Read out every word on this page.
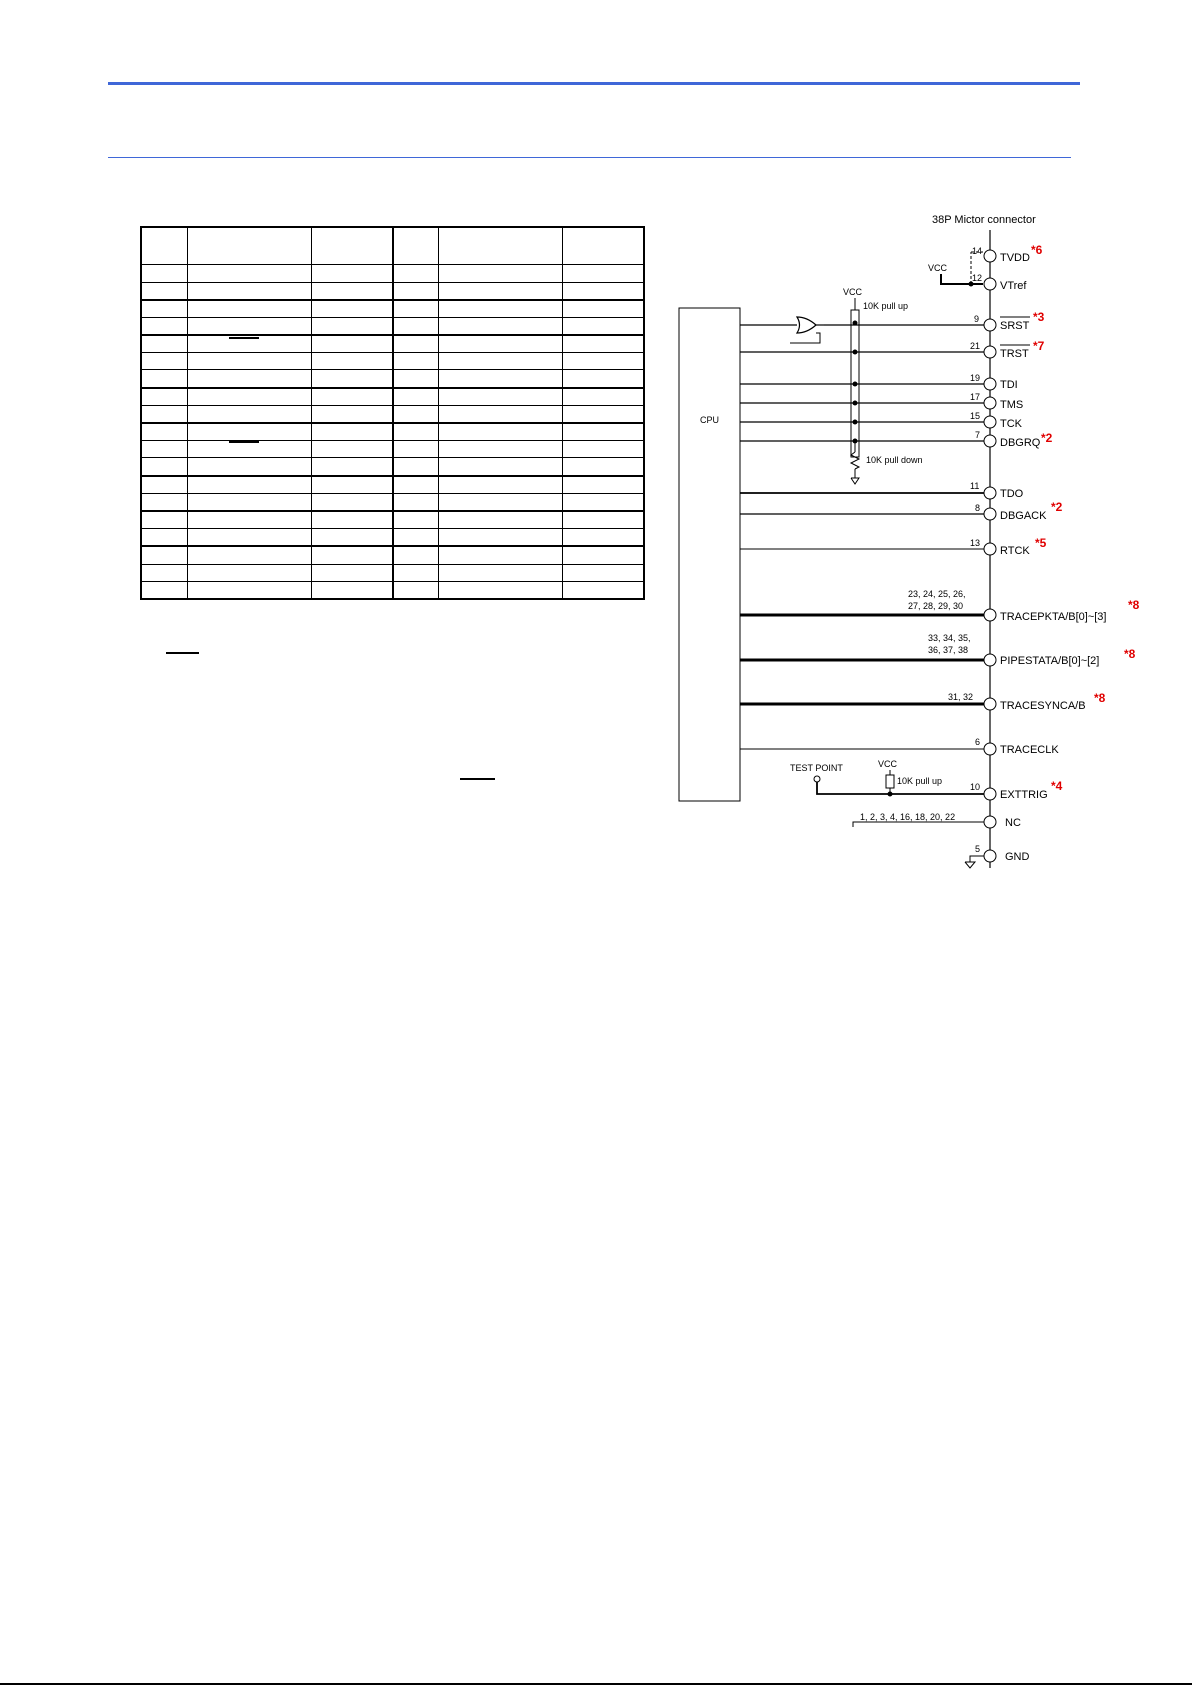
38P Mictor connector
CPU
VCC
VCC
10K pull up
10K pull down
14
TVDD
*6
12
VTref
9
SRST
*3
21
TRST
*7
19
TDI
17
TMS
15
TCK
7
DBGRQ *2
11
TDO
8
DBGACK
*2
13
RTCK
*5
23, 24, 25, 26,
27, 28, 29, 30
TRACEPKTA/B[0]~[3]
*8
33, 34, 35,
36, 37, 38
PIPESTATA/B[0]~[2] *8
31, 32
TRACESYNCA/B
*8
6
TRACECLK
TEST POINT	VCC
10K pull up
10
EXTTRIG
*4
1, 2, 3, 4, 16, 18, 20, 22	NC
5
GND
